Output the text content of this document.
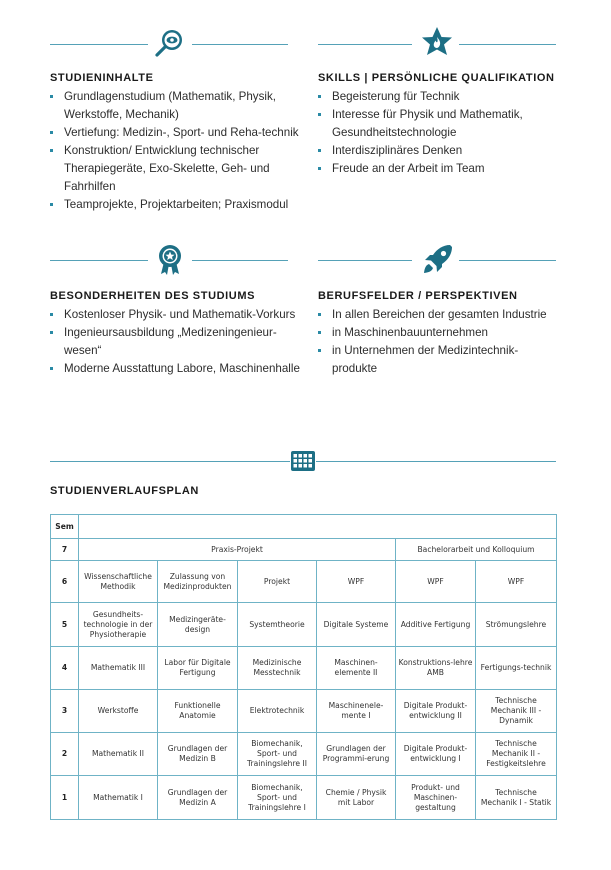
STUDIENINHALTE
Grundlagenstudium (Mathematik, Physik, Werkstoffe, Mechanik)
Vertiefung: Medizin-, Sport- und Reha-technik
Konstruktion/ Entwicklung technischer Therapiegeräte, Exo-Skelette, Geh- und Fahrhilfen
Teamprojekte, Projektarbeiten; Praxismodul
SKILLS | PERSÖNLICHE QUALIFIKATION
Begeisterung für Technik
Interesse für Physik und Mathematik, Gesundheitstechnologie
Interdisziplinäres Denken
Freude an der Arbeit im Team
BESONDERHEITEN DES STUDIUMS
Kostenloser Physik- und Mathematik-Vorkurs
Ingenieursausbildung „Medizeningenieur-wesen“
Moderne Ausstattung Labore, Maschinenhalle
BERUFSFELDER / PERSPEKTIVEN
In allen Bereichen der gesamten Industrie
in Maschinenbauunternehmen
in Unternehmen der Medizintechnik-produkte
STUDIENVERLAUFSPLAN
Sem						
7	Praxis-Projekt				Bachelorarbeit und Kolloquium	
6	Wissenschaftliche Methodik	Zulassung von Medizinprodukten	Projekt	WPF	WPF	WPF
5	Gesundheits-technologie in der Physiotherapie	Medizingeräte-design	Systemtheorie	Digitale Systeme	Additive Fertigung	Strömungslehre
4	Mathematik III	Labor für Digitale Fertigung	Medizinische Messtechnik	Maschinen-elemente II	Konstruktions-lehre AMB	Fertigungs-technik
3	Werkstoffe	Funktionelle Anatomie	Elektrotechnik	Maschinenele-mente I	Digitale Produkt-entwicklung II	Technische Mechanik III - Dynamik
2	Mathematik II	Grundlagen der Medizin B	Biomechanik, Sport- und Trainingslehre II	Grundlagen der Programmi-erung	Digitale Produkt-entwicklung I	Technische Mechanik II - Festigkeitslehre
1	Mathematik I	Grundlagen der Medizin A	Biomechanik, Sport- und Trainingslehre I	Chemie / Physik mit Labor	Produkt- und Maschinen-gestaltung	Technische Mechanik I - Statik
